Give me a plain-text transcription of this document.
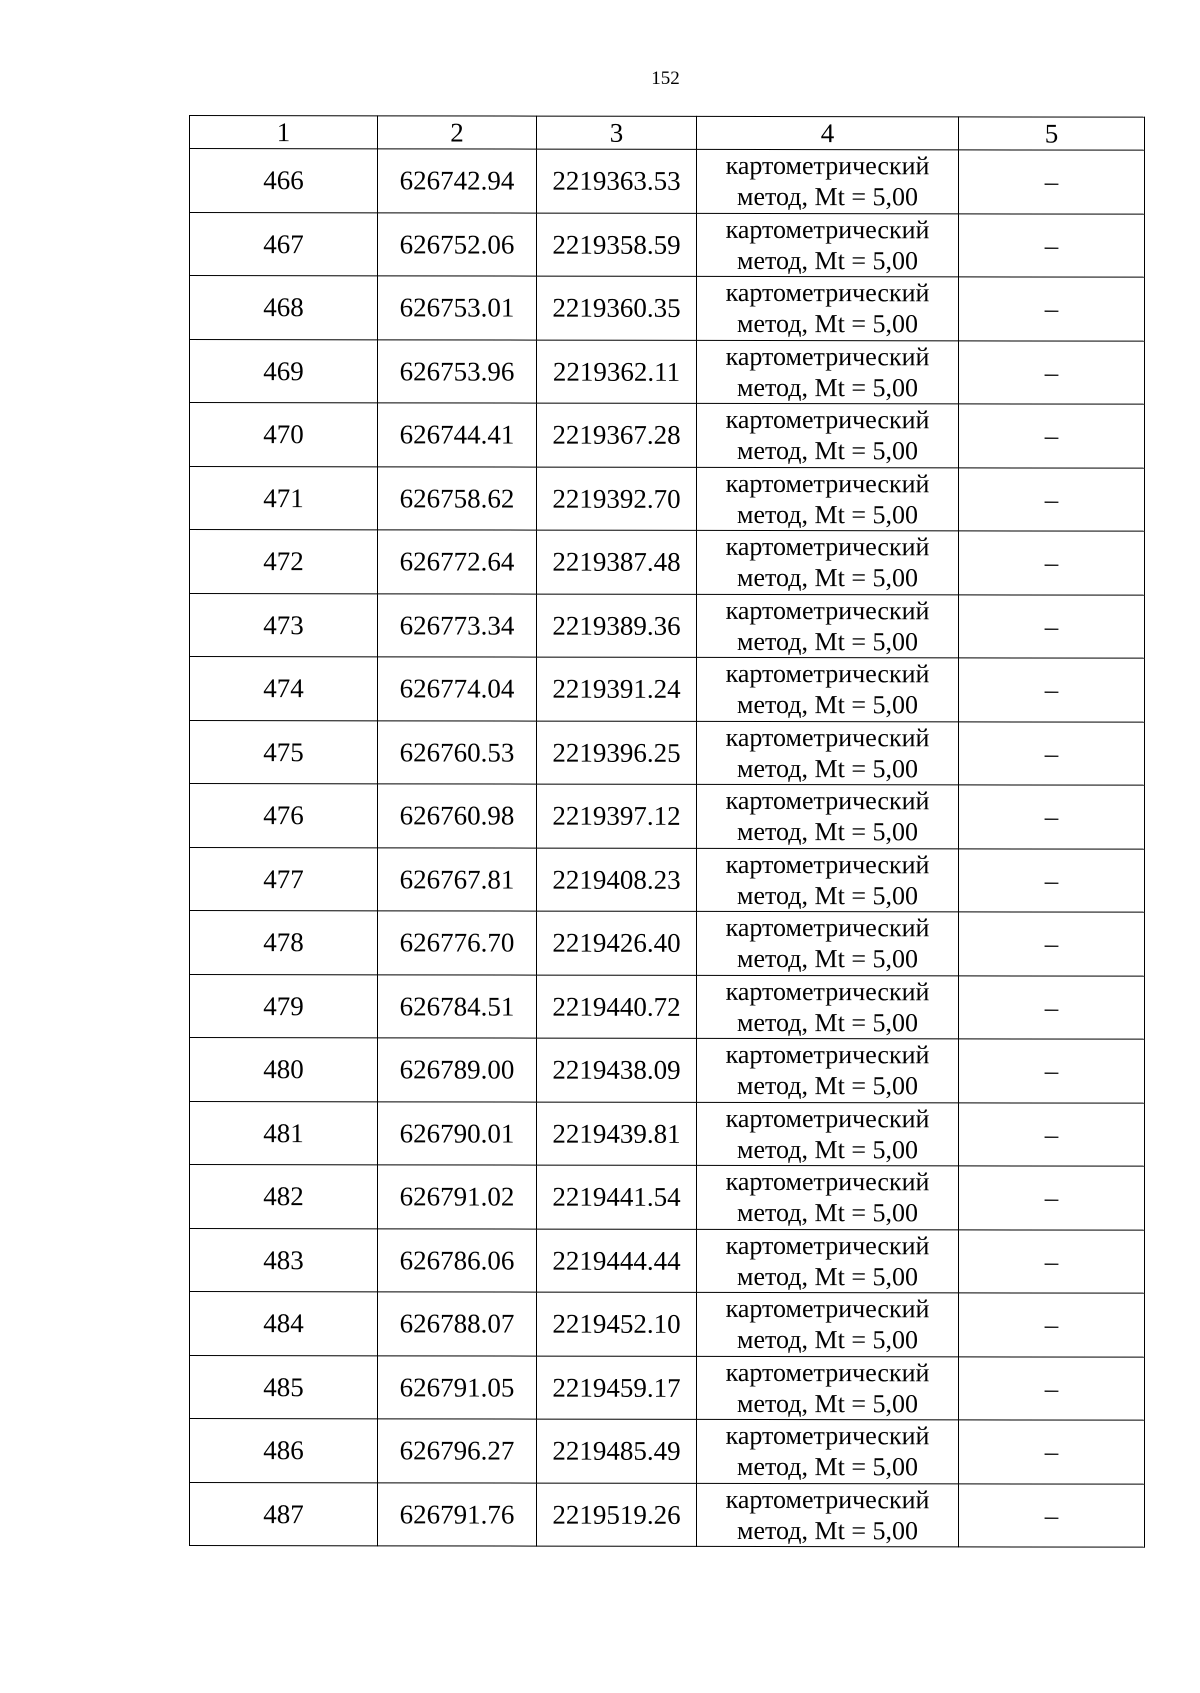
152
1	2	3	4	5
466	626742.94	2219363.53	картометрический
метод, Mt = 5,00	–
467	626752.06	2219358.59	картометрический
метод, Mt = 5,00	–
468	626753.01	2219360.35	картометрический
метод, Mt = 5,00	–
469	626753.96	2219362.11	картометрический
метод, Mt = 5,00	–
470	626744.41	2219367.28	картометрический
метод, Mt = 5,00	–
471	626758.62	2219392.70	картометрический
метод, Mt = 5,00	–
472	626772.64	2219387.48	картометрический
метод, Mt = 5,00	–
473	626773.34	2219389.36	картометрический
метод, Mt = 5,00	–
474	626774.04	2219391.24	картометрический
метод, Mt = 5,00	–
475	626760.53	2219396.25	картометрический
метод, Mt = 5,00	–
476	626760.98	2219397.12	картометрический
метод, Mt = 5,00	–
477	626767.81	2219408.23	картометрический
метод, Mt = 5,00	–
478	626776.70	2219426.40	картометрический
метод, Mt = 5,00	–
479	626784.51	2219440.72	картометрический
метод, Mt = 5,00	–
480	626789.00	2219438.09	картометрический
метод, Mt = 5,00	–
481	626790.01	2219439.81	картометрический
метод, Mt = 5,00	–
482	626791.02	2219441.54	картометрический
метод, Mt = 5,00	–
483	626786.06	2219444.44	картометрический
метод, Mt = 5,00	–
484	626788.07	2219452.10	картометрический
метод, Mt = 5,00	–
485	626791.05	2219459.17	картометрический
метод, Mt = 5,00	–
486	626796.27	2219485.49	картометрический
метод, Mt = 5,00	–
487	626791.76	2219519.26	картометрический
метод, Mt = 5,00	–
